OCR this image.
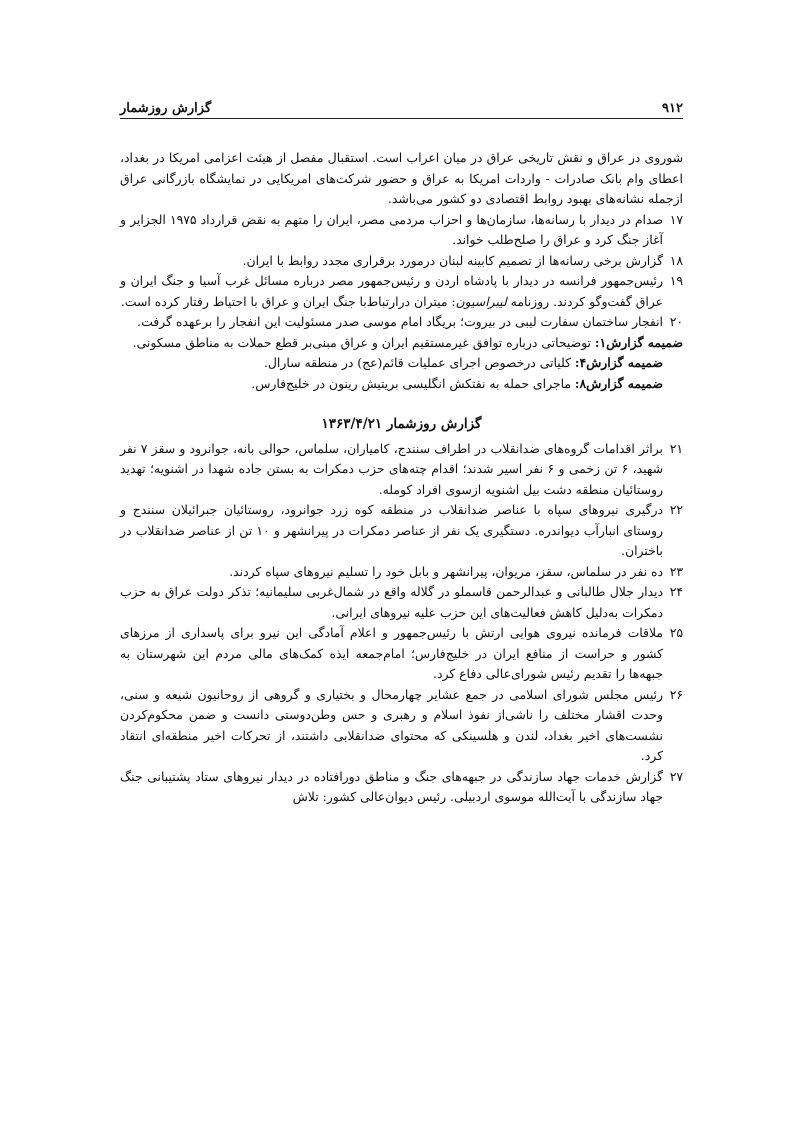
۹۱۲
گزارش روزشمار

شوروی در عراق و نقش تاریخی عراق در میان اعراب است. استقبال مفصل از هیئت اعزامی امریکا در بغداد، اعطای وام بانک صادرات - واردات امریکا به عراق و حضور شرکت‌های امریکایی در نمایشگاه بازرگانی عراق ازجمله نشانه‌های بهبود روابط اقتصادی دو کشور می‌باشد.

۱۷صدام در دیدار با رسانه‌ها، سازمان‌ها و احزاب مردمی مصر، ایران را متهم به نقض قرارداد ۱۹۷۵ الجزایر و آغاز جنگ کرد و عراق را صلح‌طلب خواند.

۱۸گزارش برخی رسانه‌ها از تصمیم کابینه لبنان درمورد برقراری مجدد روابط با ایران.

۱۹رئیس‌جمهور فرانسه در دیدار با پادشاه اردن و رئیس‌جمهور مصر درباره مسائل غرب آسیا و جنگ ایران و عراق گفت‌وگو کردند. روزنامه لیبراسیون: میتران درارتباط‌با جنگ ایران و عراق با احتیاط رفتار کرده است.

۲۰انفجار ساختمان سفارت لیبی در بیروت؛ بریگاد امام موسی صدر مسئولیت این انفجار را برعهده گرفت.

ضمیمه گزارش۱: توضیحاتی درباره توافق غیرمستقیم ایران و عراق مبنی‌بر قطع حملات به مناطق مسکونی.

ضمیمه گزارش۴: کلیاتی درخصوص اجرای عملیات قائم(عج) در منطقه سارال.

ضمیمه گزارش۸: ماجرای حمله به نفتکش انگلیسی بریتیش رینون در خلیج‌فارس.

گزارش روزشمار ۱۳۶۳/۴/۲۱

۲۱براثر اقدامات گروه‌های ضدانقلاب در اطراف سنندج، کامیاران، سلماس، حوالی بانه، جوانرود و سقز ۷ نفر شهید، ۶ تن زخمی و ۶ نفر اسیر شدند؛ اقدام چته‌های حزب دمکرات به بستن جاده شهدا در اشنویه؛ تهدید روستائیان منطقه دشت بیل اشنویه ازسوی افراد کومله.

۲۲درگیری نیروهای سپاه با عناصر ضدانقلاب در منطقه کوه زرد جوانرود، روستائیان جبرائیلان سنندج و روستای انبارآب دیواندره. دستگیری یک نفر از عناصر دمکرات در پیرانشهر و ۱۰ تن از عناصر ضدانقلاب در باختران.

۲۳ده نفر در سلماس، سقز، مریوان، پیرانشهر و بابل خود را تسلیم نیروهای سپاه کردند.

۲۴دیدار جلال طالبانی و عبدالرحمن قاسملو در گلاله واقع در شمال‌غربی سلیمانیه؛ تذکر دولت عراق به حزب دمکرات به‌دلیل کاهش فعالیت‌های این حزب علیه نیروهای ایرانی.

۲۵ملاقات فرمانده نیروی هوایی ارتش با رئیس‌جمهور و اعلام آمادگی این نیرو برای پاسداری از مرزهای کشور و حراست از منافع ایران در خلیج‌فارس؛ امام‌جمعه ایذه کمک‌های مالی مردم این شهرستان به جبهه‌ها را تقدیم رئیس شورای‌عالی دفاع کرد.

۲۶رئیس مجلس شورای اسلامی در جمع عشایر چهارمحال و بختیاری و گروهی از روحانیون شیعه و سنی، وحدت اقشار مختلف را ناشی‌از نفوذ اسلام و رهبری و حس وطن‌دوستی دانست و ضمن محکوم‌کردن نشست‌های اخیر بغداد، لندن و هلسینکی که محتوای ضدانقلابی داشتند، از تحرکات اخیر منطقه‌ای انتقاد کرد.

۲۷گزارش خدمات جهاد سازندگی در جبهه‌های جنگ و مناطق دورافتاده در دیدار نیروهای ستاد پشتیبانی جنگ جهاد سازندگی با آیت‌الله موسوی اردبیلی. رئیس دیوان‌عالی کشور: تلاش
